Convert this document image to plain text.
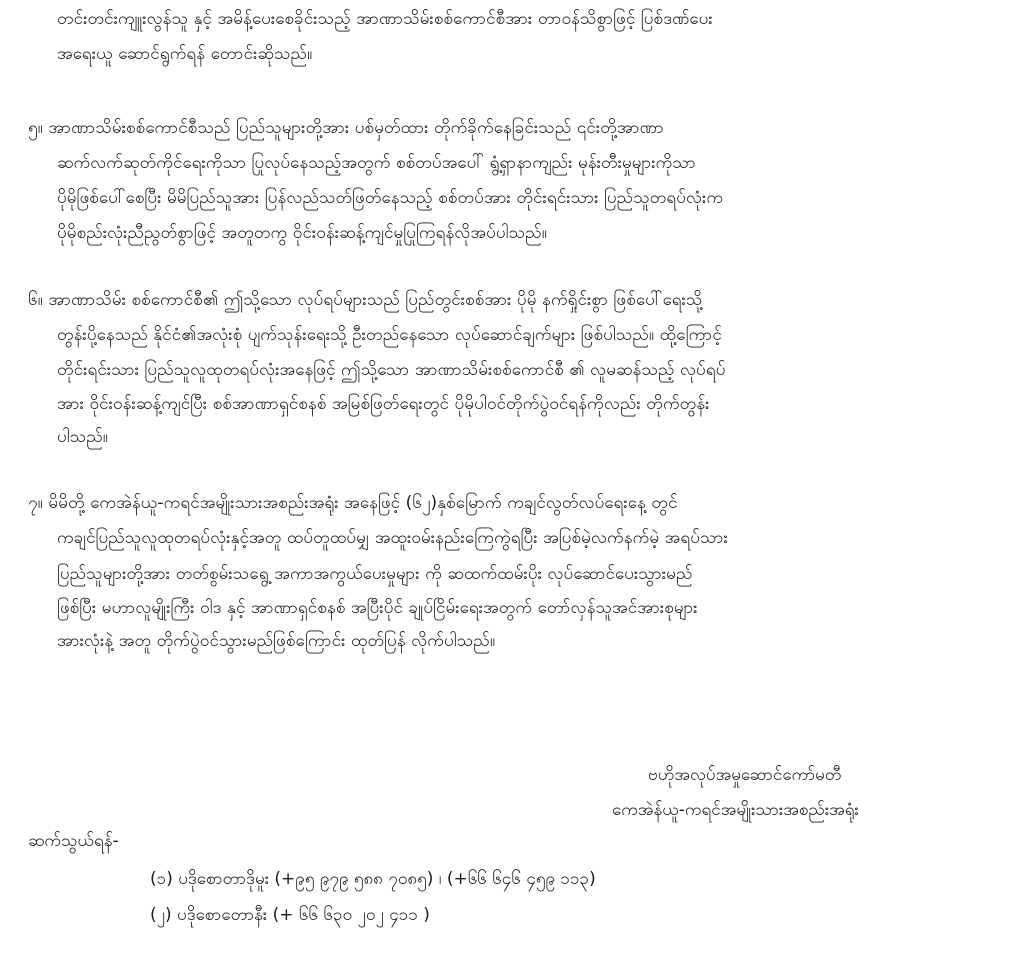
တင်းတင်းကျူးလွန်သူ နှင့် အမိန့်ပေးစေခိုင်းသည့် အာဏာသိမ်းစစ်ကောင်စီအား တာဝန်သိစွာဖြင့် ပြစ်ဒဏ်ပေး
အရေးယူ ဆောင်ရွက်ရန် တောင်းဆိုသည်။
၅။ အာဏာသိမ်းစစ်ကောင်စီသည် ပြည်သူများတို့အား ပစ်မှတ်ထား တိုက်ခိုက်နေခြင်းသည် ၎င်းတို့အာဏာ
ဆက်လက်ဆုတ်ကိုင်ရေးကိုသာ ပြုလုပ်နေသည့်အတွက် စစ်တပ်အပေါ် ရွံ့ရှာနာကျည်း မုန်းတီးမှုများကိုသာ
ပိုမိုဖြစ်ပေါ်စေပြီး မိမိပြည်သူအား ပြန်လည်သတ်ဖြတ်နေသည့် စစ်တပ်အား တိုင်းရင်းသား ပြည်သူတရပ်လုံးက
ပိုမိုစည်းလုံးညီညွတ်စွာဖြင့် အတူတကွ ဝိုင်းဝန်းဆန့်ကျင်မှုပြုကြရန်လိုအပ်ပါသည်။
၆။ အာဏာသိမ်း စစ်ကောင်စီ၏ ဤသို့သော လုပ်ရပ်များသည် ပြည်တွင်းစစ်အား ပိုမို နက်ရှိုင်းစွာ ဖြစ်ပေါ်ရေးသို့
တွန်းပို့နေသည် နိုင်ငံ၏အလုံးစုံ ပျက်သုန်းရေးသို့ ဦးတည်နေသော လုပ်ဆောင်ချက်များ ဖြစ်ပါသည်။ ထို့ကြောင့်
တိုင်းရင်းသား ပြည်သူလူထုတရပ်လုံးအနေဖြင့် ဤသို့သော အာဏာသိမ်းစစ်ကောင်စီ ၏ လူမဆန်သည့် လုပ်ရပ်
အား ဝိုင်းဝန်းဆန့်ကျင်ပြီး စစ်အာဏာရှင်စနစ် အမြစ်ဖြတ်ရေးတွင် ပိုမိုပါဝင်တိုက်ပွဲဝင်ရန်ကိုလည်း တိုက်တွန်း
ပါသည်။
၇။ မိမိတို့ ကေအဲန်ယူ-ကရင်အမျိုးသားအစည်းအရုံး အနေဖြင့် (၆၂)နှစ်မြောက် ကချင်လွတ်လပ်ရေးနေ့ တွင်
ကချင်ပြည်သူလူထုတရပ်လုံးနှင့်အတူ ထပ်တူထပ်မျှ အထူးဝမ်းနည်းကြေကွဲရပြီး အပြစ်မဲ့လက်နက်မဲ့ အရပ်သား
ပြည်သူများတို့အား တတ်စွမ်းသရွေ့ အကာအကွယ်ပေးမှုများ ကို ဆထက်ထမ်းပိုး လုပ်ဆောင်ပေးသွားမည်
ဖြစ်ပြီး မဟာလူမျိုးကြီး ဝါဒ နှင့် အာဏာရှင်စနစ် အပြီးပိုင် ချုပ်ငြိမ်းရေးအတွက် တော်လှန်သူအင်အားစုများ
အားလုံးနဲ့ အတူ တိုက်ပွဲဝင်သွားမည်ဖြစ်ကြောင်း ထုတ်ပြန် လိုက်ပါသည်။
ဗဟိုအလုပ်အမှုဆောင်ကော်မတီ
ကေအဲန်ယူ-ကရင်အမျိုးသားအစည်းအရုံး
ဆက်သွယ်ရန်-
(၁) ပဒိုစောတာဒိုမူး (+၉၅ ၉၇၉ ၅၈၈ ၇၀၈၅) ၊ (+၆၆ ၆၄၆ ၄၅၉ ၁၁၃)
(၂) ပဒိုစောတောနီး (+ ၆၆ ၆၃၀ ၂၀၂ ၄၁၁ )
